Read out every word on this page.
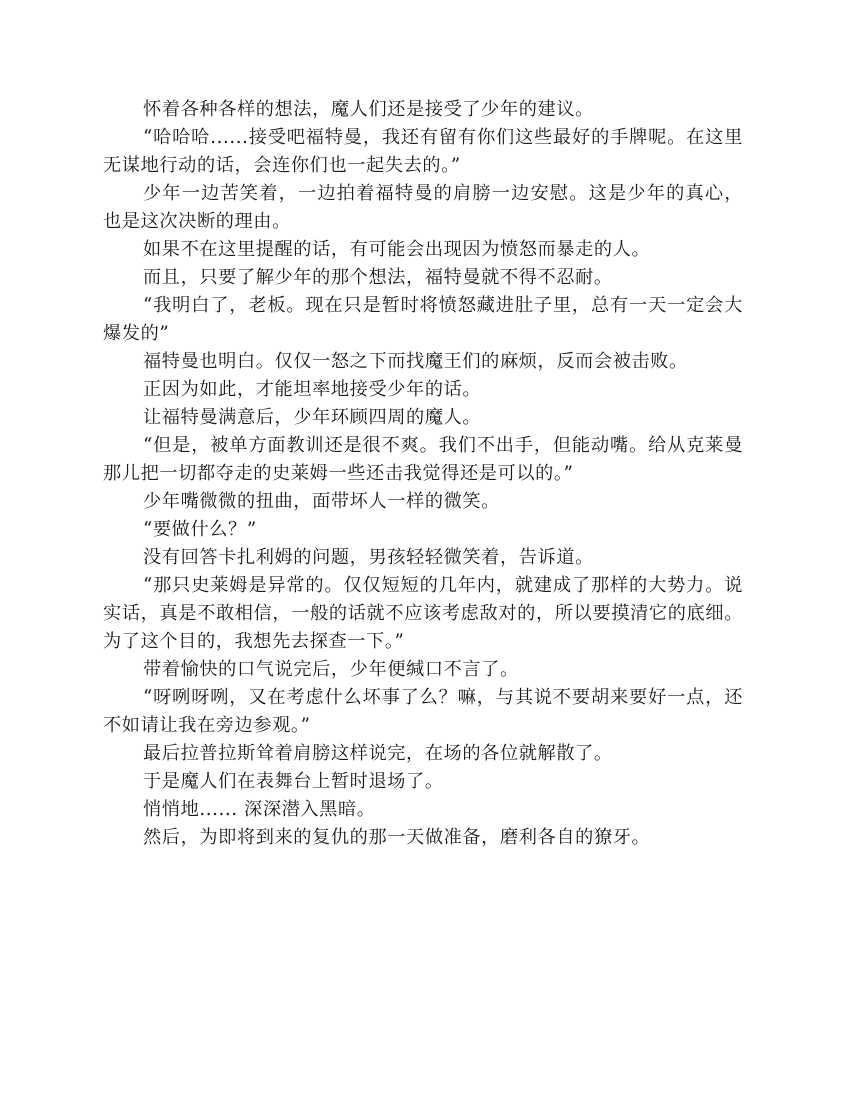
怀着各种各样的想法，魔人们还是接受了少年的建议。

“哈哈哈......接受吧福特曼，我还有留有你们这些最好的手牌呢。在这里无谋地行动的话，会连你们也一起失去的。”

少年一边苦笑着，一边拍着福特曼的肩膀一边安慰。这是少年的真心，也是这次决断的理由。

如果不在这里提醒的话，有可能会出现因为愤怒而暴走的人。

而且，只要了解少年的那个想法，福特曼就不得不忍耐。

“我明白了，老板。现在只是暂时将愤怒藏进肚子里，总有一天一定会大爆发的”

福特曼也明白。仅仅一怒之下而找魔王们的麻烦，反而会被击败。

正因为如此，才能坦率地接受少年的话。

让福特曼满意后，少年环顾四周的魔人。

“但是，被单方面教训还是很不爽。我们不出手，但能动嘴。给从克莱曼那儿把一切都夺走的史莱姆一些还击我觉得还是可以的。”

少年嘴微微的扭曲，面带坏人一样的微笑。

“要做什么？”

没有回答卡扎利姆的问题，男孩轻轻微笑着，告诉道。

“那只史莱姆是异常的。仅仅短短的几年内，就建成了那样的大势力。说实话，真是不敢相信，一般的话就不应该考虑敌对的，所以要摸清它的底细。为了这个目的，我想先去探查一下。”

带着愉快的口气说完后，少年便缄口不言了。

“呀咧呀咧，又在考虑什么坏事了么？嘛，与其说不要胡来要好一点，还不如请让我在旁边参观。”

最后拉普拉斯耸着肩膀这样说完，在场的各位就解散了。

于是魔人们在表舞台上暂时退场了。

悄悄地...... 深深潜入黑暗。

然后，为即将到来的复仇的那一天做准备，磨利各自的獠牙。
